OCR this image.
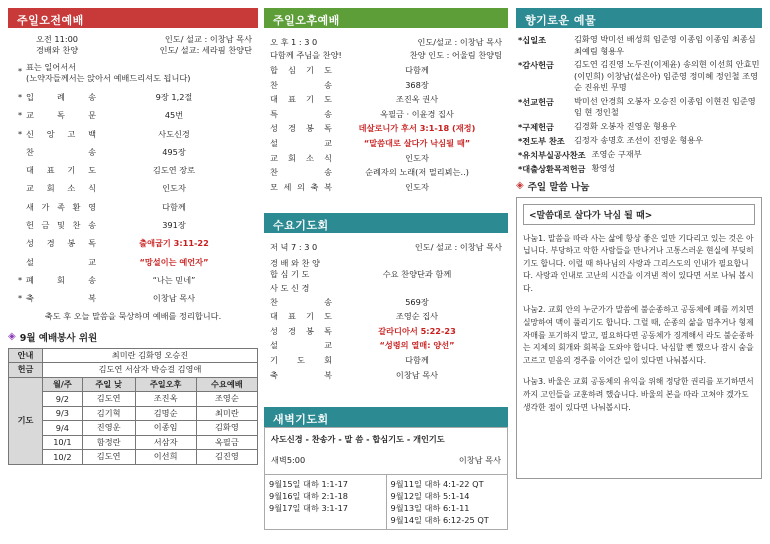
주일오전예배
오전 11:00	인도/ 설교 : 이창남 목사
경배와 찬양	인도/ 설교: 세라핌 찬양단
* 표는 일어서서
(노약자들께서는 앉아서 예배드리셔도 됩니다)
* 입	례	송	9장 1,2절
* 교	독	문	45번
* 신 앙 고 백	사도신경
찬	송	495장
대 표 기 도	김도연 장로
교 회 소 식	인도자
새 가 족 환 영	다함께
헌 금 및 찬 송	391장
성 경 봉 독	출애굽기 3:11-22
설	교	“망설이는 예언자”
* 폐	회	송	“나는 믿네”
* 축	복	이창남 목사
축도 후 오늘 말씀을 묵상하며 예배를 정리합니다.
◈ 9월 예배봉사 위원
안내	최미란 김화영 오승진			
헌금	김도연 서삼자 박승걸 김영애			
기도	월/주	주일 낮	주일오후	수요예배
	9/2	김도연	조진옥	조영순
	9/3	김기혁	김명순	최미란
	9/4	진영운	이종임	김화영
	10/1	함정란	서삼자	옥필금
	10/2	김도연	이선희	김진영
주일오후예배
오 후 1 : 3 0	인도/설교 : 이창남 목사
다함께 주님을 찬양!	찬양 인도 : 어울림 찬양팀
합 심 기 도	다함께
찬	송	368장
대 표 기 도	조진옥 권사
특	송	옥필금 · 이윤경 집사
성 경 봉 독	데살로니가 후서 3:1-18 (재정)
설	교	“말씀대로 살다가 낙심될 때”
교 회 소 식	인도자
찬	송	순례자의 노래(저 멀리뵈는..)
모 세 의 축 복	인도자
수요기도회
저 녁 7 : 3 0	인도/ 설교 : 이창남 목사
경 배 와 찬 양
합 심 기 도	수요 찬양단과 함께
사 도 신 경
찬	송	569장
대 표 기 도	조영순 집사
성 경 봉 독	갈라디아서 5:22-23
설	교	“성령의 열매: 양선”
기 도 회	다함께
축	복	이창남 목사
새벽기도회
사도신경 - 찬송가 - 말 씀 - 합심기도 - 개인기도
새벽5:00	이창남 목사
9월15일 대하 1:1-17
9월16일 대하 2:1-18
9월17일 대하 3:1-17
9월11일 대하 4:1-22 QT
9월12일 대하 5:1-14
9월13일 대하 6:1-11
9월14일 대하 6:12-25 QT
향기로운 예물
*십일조	김화영 박미선 배성희 임준영 이종임 이종임 최종심 최예림 형용우
*감사헌금	김도연 김진영 노두진(이제윤) 송의현 이선희 안효민(이민희) 이창남(설은아) 임준영 정미혜 정인철 조영순 진유빈 무명
*선교헌금	박미선 안경희 오봉자 오승진 이종임 이현진 임준영 임 현 정인철
*구제헌금	김경화 오봉자 진영운 형용우
*전도부 찬조	김정자 송명호 조선이 진영운 형용우
*유치부실공사찬조 조영순 구재부
*대출상환목적헌금 황영성
◈ 주일 말씀 나눔
<말씀대로 살다가 낙심 될 때>

나눔1. 말씀을 따라 사는 삶에 항상 좋은 일만 기다리고 있는 것은 아닙니다. 부당하고 악한 사람들을 만나거나 고통스러운 현실에 부딪히기도 합니다. 이럴 때 하나님의 사랑과 그리스도의 인내가 필요합니다. 사랑과 인내로 고난의 시간을 이겨낸 적이 있다면 서로 나눠 봅시다.

나눔2. 교회 안의 누군가가 말씀에 불순종하고 공동체에 폐를 끼치면 실망하여 맥이 풀리기도 합니다. 그럴 때, 순종의 삶을 멈추거나 형제자매를 포기하지 말고, 필요하다면 공동체가 징계해서 라도 불순종하는 지체의 회개와 회복을 도와야 합니다. 낙심할 뻔 했으나 잠시 숨을 고르고 믿음의 경주를 이어간 일이 있다면 나눠봅시다.

나눔3. 바울은 교회 공동체의 유익을 위해 정당한 권리를 포기하면서 까지 고인들을 교훈하려 했습니다. 바울의 본을 따라 고쳐야 겠가도 생각한 점이 있다면 나눠봅시다.
